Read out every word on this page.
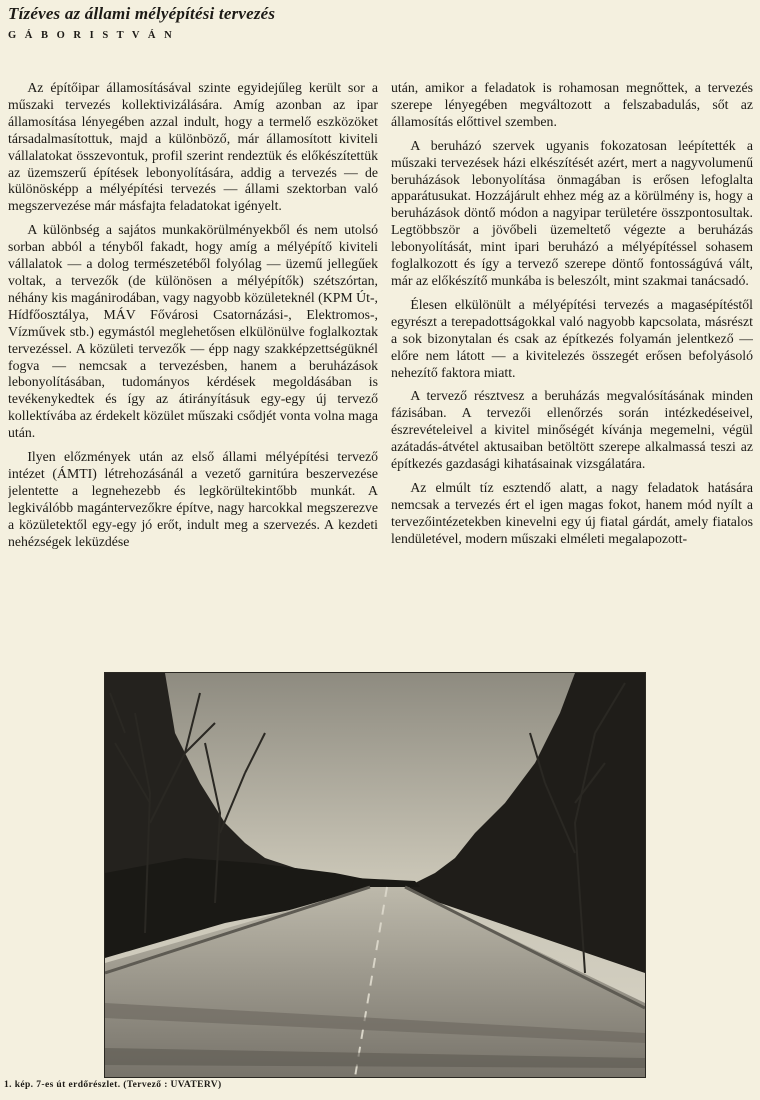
Tízéves az állami mélyépítési tervezés
G Á B O R I S T V Á N

Az építőipar államosításával szinte egyidejűleg került sor a műszaki tervezés kollektivizálására. Amíg azonban az ipar államosítása lényegében azzal indult, hogy a termelő eszközöket társadalmasítottuk, majd a különböző, már államosított kiviteli vállalatokat összevontuk, profil szerint rendeztük és előkészítettük az üzemszerű építések lebonyolítására, addig a tervezés — de különösképp a mélyépítési tervezés — állami szektorban való megszervezése már másfajta feladatokat igényelt.

A különbség a sajátos munkakörülményekből és nem utolsó sorban abból a tényből fakadt, hogy amíg a mélyépítő kiviteli vállalatok — a dolog természetéből folyólag — üzemű jellegűek voltak, a tervezők (de különösen a mélyépítők) szétszórtan, néhány kis magánirodában, vagy nagyobb közületeknél (KPM Út-, Hídfőosztálya, MÁV Fővárosi Csatornázási-, Elektromos-, Vízművek stb.) egymástól meglehetősen elkülönülve foglalkoztak tervezéssel. A közületi tervezők — épp nagy szakképzettségüknél fogva — nemcsak a tervezésben, hanem a beruházások lebonyolításában, tudományos kérdések megoldásában is tevékenykedtek és így az átirányításuk egy-egy új tervező kollektívába az érdekelt közület műszaki csődjét vonta volna maga után.

Ilyen előzmények után az első állami mélyépítési tervező intézet (ÁMTI) létrehozásánál a vezető garnitúra beszervezése jelentette a legnehezebb és legkörültekintőbb munkát. A legkiválóbb magántervezőkre építve, nagy harcokkal megszerezve a közületektől egy-egy jó erőt, indult meg a szervezés. A kezdeti nehézségek leküzdése

után, amikor a feladatok is rohamosan megnőttek, a tervezés szerepe lényegében megváltozott a felszabadulás, sőt az államosítás előttivel szemben.

A beruházó szervek ugyanis fokozatosan leépítették a műszaki tervezések házi elkészítését azért, mert a nagyvolumenű beruházások lebonyolítása önmagában is erősen lefoglalta apparátusukat. Hozzájárult ehhez még az a körülmény is, hogy a beruházások döntő módon a nagyipar területére összpontosultak. Legtöbbször a jövőbeli üzemeltető végezte a beruházás lebonyolítását, mint ipari beruházó a mélyépítéssel sohasem foglalkozott és így a tervező szerepe döntő fontosságúvá vált, már az előkészítő munkába is beleszólt, mint szakmai tanácsadó.

Élesen elkülönült a mélyépítési tervezés a magasépítéstől egyrészt a terepadottságokkal való nagyobb kapcsolata, másrészt a sok bizonytalan és csak az építkezés folyamán jelentkező — előre nem látott — a kivitelezés összegét erősen befolyásoló nehezítő faktora miatt.

A tervező résztvesz a beruházás megvalósításának minden fázisában. A tervezői ellenőrzés során intézkedéseivel, észrevételeivel a kivitel minőségét kívánja megemelni, végül azátadás-átvétel aktusaiban betöltött szerepe alkalmassá teszi az építkezés gazdasági kihatásainak vizsgálatára.

Az elmúlt tíz esztendő alatt, a nagy feladatok hatására nemcsak a tervezés ért el igen magas fokot, hanem mód nyílt a tervezőintézetekben kinevelni egy új fiatal gárdát, amely fiatalos lendületével, modern műszaki elméleti megalapozott-

1. kép. 7-es út erdőrészlet. (Tervező : UVATERV)
